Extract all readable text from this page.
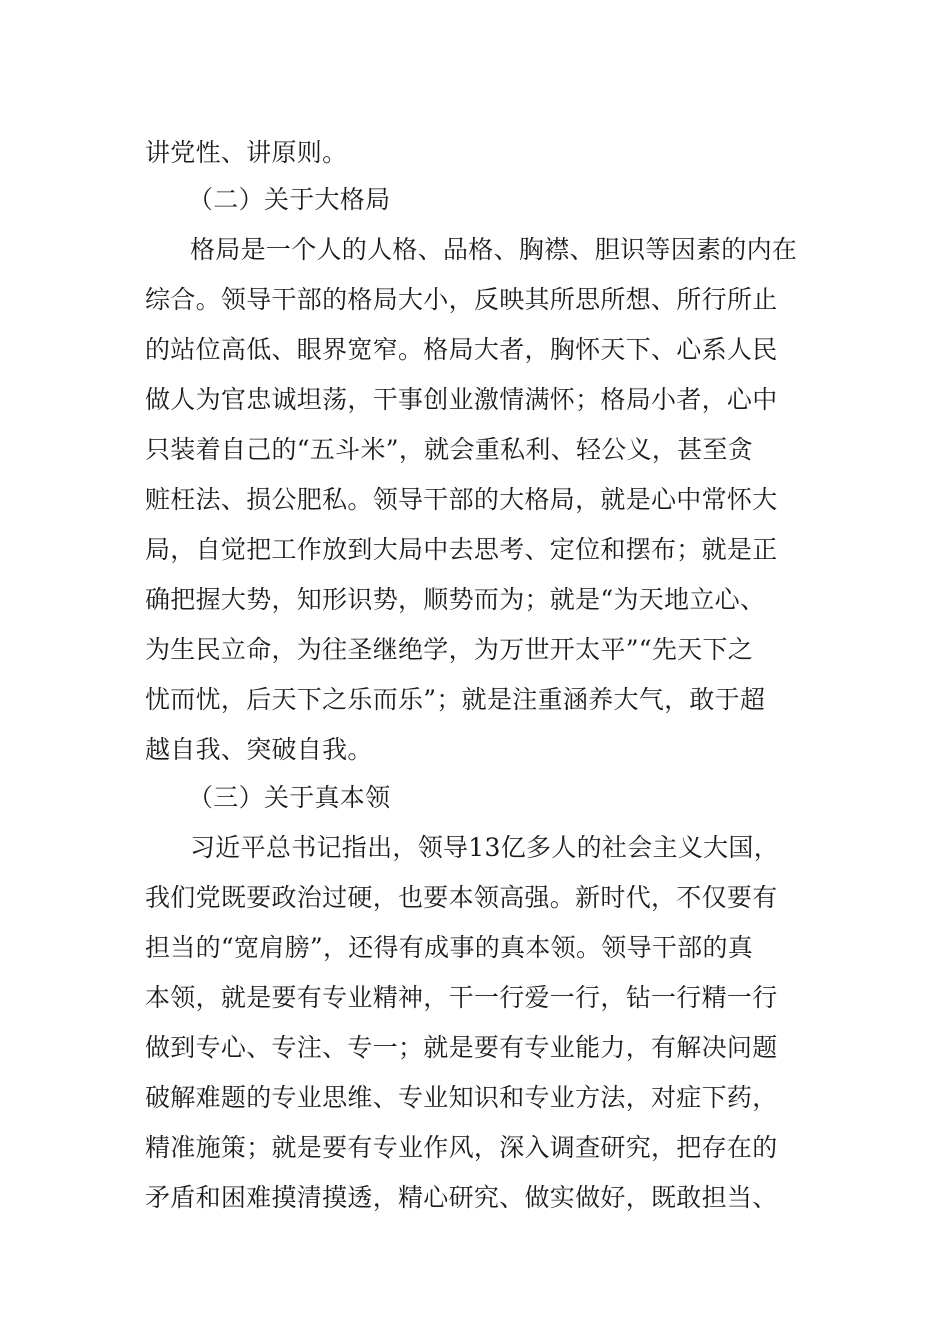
讲党性、讲原则。
（二）关于大格局
格局是一个人的人格、品格、胸襟、胆识等因素的内在
综合。领导干部的格局大小，反映其所思所想、所行所止
的站位高低、眼界宽窄。格局大者，胸怀天下、心系人民
做人为官忠诚坦荡，干事创业激情满怀；格局小者，心中
只装着自己的“五斗米”，就会重私利、轻公义，甚至贪
赃枉法、损公肥私。领导干部的大格局，就是心中常怀大
局，自觉把工作放到大局中去思考、定位和摆布；就是正
确把握大势，知形识势，顺势而为；就是“为天地立心、
为生民立命，为往圣继绝学，为万世开太平”“先天下之
忧而忧，后天下之乐而乐”；就是注重涵养大气，敢于超
越自我、突破自我。
（三）关于真本领
习近平总书记指出，领导13亿多人的社会主义大国，
我们党既要政治过硬，也要本领高强。新时代，不仅要有
担当的“宽肩膀”，还得有成事的真本领。领导干部的真
本领，就是要有专业精神，干一行爱一行，钻一行精一行
做到专心、专注、专一；就是要有专业能力，有解决问题
破解难题的专业思维、专业知识和专业方法，对症下药，
精准施策；就是要有专业作风，深入调查研究，把存在的
矛盾和困难摸清摸透，精心研究、做实做好，既敢担当、
